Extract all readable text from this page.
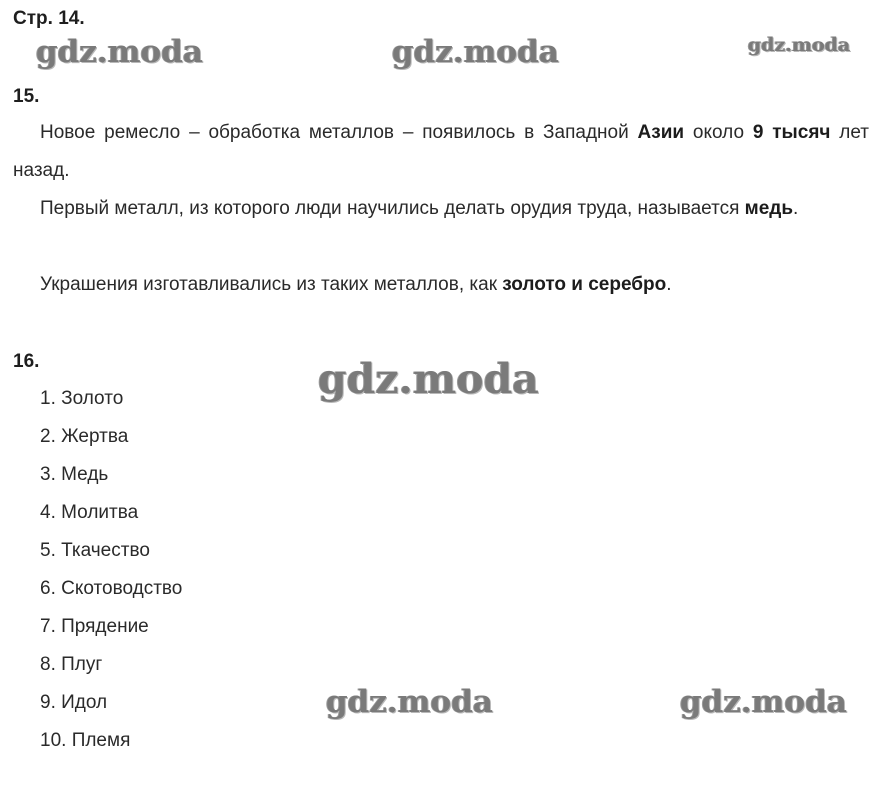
Стр. 14.
gdz.moda	gdz.moda	gdz.moda
15.

Новое ремесло – обработка металлов – появилось в Западной Азии около 9 тысяч лет назад.

Первый металл, из которого люди научились делать орудия труда, называется медь.

Украшения изготавливались из таких металлов, как золото и серебро.

16.	gdz.moda
1. Золото
2. Жертва
3. Медь
4. Молитва
5. Ткачество
6. Скотоводство
7. Прядение
8. Плуг
9. Идол
10. Племя
gdz.moda	gdz.moda
